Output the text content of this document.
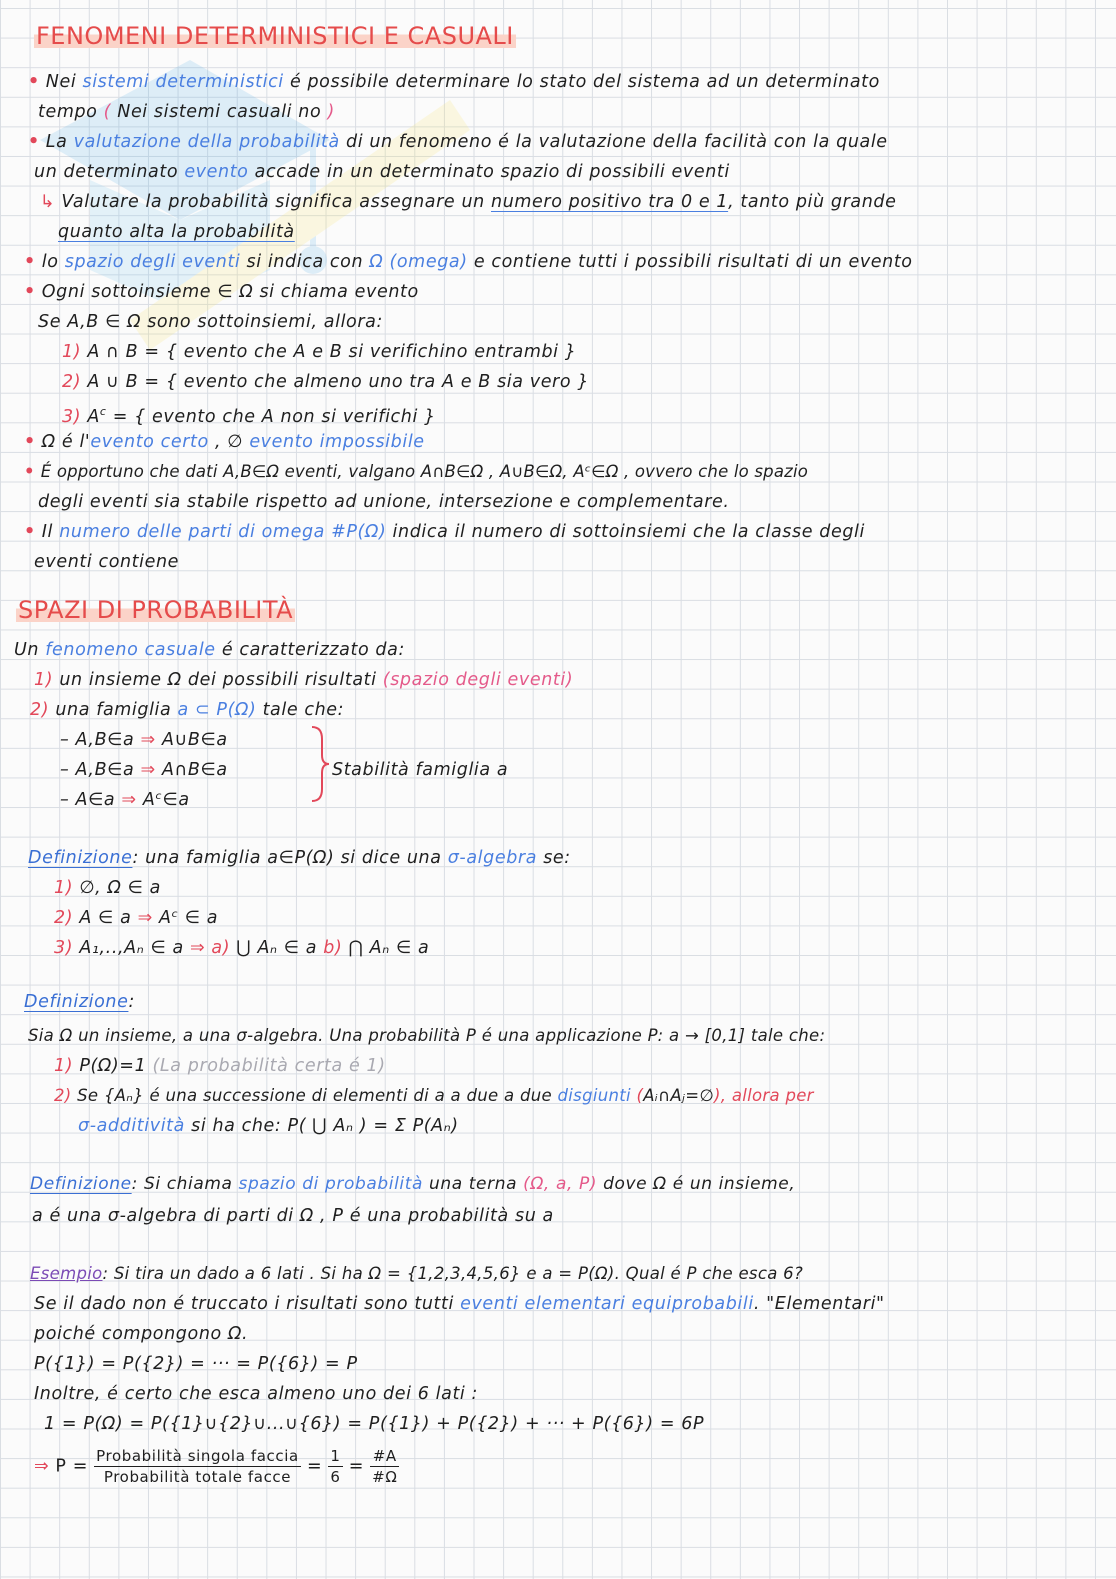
FENOMENI DETERMINISTICI E CASUALI
• Nei sistemi deterministici é possibile determinare lo stato del sistema ad un determinato
tempo ( Nei sistemi casuali no )
• La valutazione della probabilità di un fenomeno é la valutazione della facilità con la quale
un determinato evento accade in un determinato spazio di possibili eventi
↳ Valutare la probabilità significa assegnare un numero positivo tra 0 e 1, tanto più grande
quanto alta la probabilità
• lo spazio degli eventi si indica con Ω (omega) e contiene tutti i possibili risultati di un evento
• Ogni sottoinsieme ∈ Ω si chiama evento
Se A,B ∈ Ω sono sottoinsiemi, allora:
1) A ∩ B = { evento che A e B si verifichino entrambi }
2) A ∪ B = { evento che almeno uno tra A e B sia vero }
3) $A^c$ = { evento che A non si verifichi }
• Ω é l'evento certo , ∅ evento impossibile
• É opportuno che dati A,B∈Ω eventi, valgano A∩B∈Ω , A∪B∈Ω, Aᶜ∈Ω , ovvero che lo spazio
degli eventi sia stabile rispetto ad unione, intersezione e complementare.
• Il numero delle parti di omega #P(Ω) indica il numero di sottoinsiemi che la classe degli
eventi contiene
SPAZI DI PROBABILITÀ
Un fenomeno casuale é caratterizzato da:
1) un insieme Ω dei possibili risultati (spazio degli eventi)
2) una famiglia a ⊂ P(Ω) tale che:
– A,B∈a ⇒ A∪B∈a
– A,B∈a ⇒ A∩B∈a
– A∈a ⇒ Aᶜ∈a
Stabilità famiglia a
Definizione: una famiglia a∈P(Ω) si dice una σ-algebra se:
1) ∅, Ω ∈ a
2) A ∈ a ⇒ Aᶜ ∈ a
3) A₁,..,Aₙ ∈ a ⇒ a) ⋃ Aₙ ∈ a b) ⋂ Aₙ ∈ a
Definizione:
Sia Ω un insieme, a una σ-algebra. Una probabilità P é una applicazione P: a → [0,1] tale che:
1) P(Ω)=1 (La probabilità certa é 1)
2) Se {Aₙ} é una successione di elementi di a a due a due disgiunti (Aᵢ∩Aⱼ=∅), allora per
σ-additività si ha che: P( ⋃ Aₙ ) = Σ P(Aₙ)
Definizione: Si chiama spazio di probabilità una terna (Ω, a, P) dove Ω é un insieme,
a é una σ-algebra di parti di Ω , P é una probabilità su a
Esempio: Si tira un dado a 6 lati . Si ha Ω = {1,2,3,4,5,6} e a = P(Ω). Qual é P che esca 6?
Se il dado non é truccato i risultati sono tutti eventi elementari equiprobabili. "Elementari"
poiché compongono Ω.
P({1}) = P({2}) = ··· = P({6}) = P
Inoltre, é certo che esca almeno uno dei 6 lati :
1 = P(Ω) = P({1}∪{2}∪...∪{6}) = P({1}) + P({2}) + ··· + P({6}) = 6P
⇒ $P = \frac{\text{Probabilità singola faccia}}{\text{Probabilità totale facce}} = \frac{1}{6} = \frac{\#A}{\#\Omega}$
